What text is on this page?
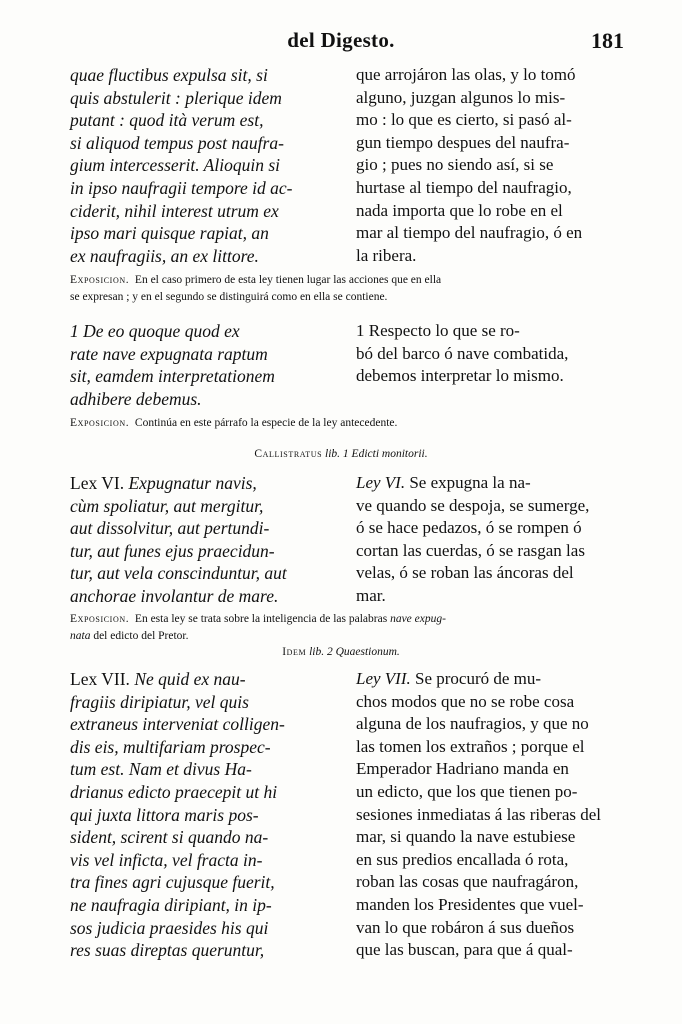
del Digesto.	181
quae fluctibus expulsa sit, si
quis abstulerit : plerique idem
putant : quod ità verum est,
si aliquod tempus post naufra-
gium intercesserit. Alioquin si
in ipso naufragii tempore id ac-
ciderit, nihil interest utrum ex
ipso mari quisque rapiat, an
ex naufragiis, an ex littore.
que arrojáron las olas, y lo tomó
alguno, juzgan algunos lo mis-
mo : lo que es cierto, si pasó al-
gun tiempo despues del naufra-
gio ; pues no siendo así, si se
hurtase al tiempo del naufragio,
nada importa que lo robe en el
mar al tiempo del naufragio, ó en
la ribera.
Exposicion. En el caso primero de esta ley tienen lugar las acciones que en ella
se expresan ; y en el segundo se distinguirá como en ella se contiene.
1 De eo quoque quod ex
rate nave expugnata raptum
sit, eamdem interpretationem
adhibere debemus.
1 Respecto lo que se ro-
bó del barco ó nave combatida,
debemos interpretar lo mismo.
Exposicion. Continúa en este párrafo la especie de la ley antecedente.
Callistratus lib. 1 Edicti monitorii.
Lex VI. Expugnatur navis,
cùm spoliatur, aut mergitur,
aut dissolvitur, aut pertundi-
tur, aut funes ejus praecidun-
tur, aut vela conscinduntur, aut
anchorae involantur de mare.
Ley VI. Se expugna la na-
ve quando se despoja, se sumerge,
ó se hace pedazos, ó se rompen ó
cortan las cuerdas, ó se rasgan las
velas, ó se roban las áncoras del
mar.
Exposicion. En esta ley se trata sobre la inteligencia de las palabras nave expug-
nata del edicto del Pretor.
Idem lib. 2 Quaestionum.
Lex VII. Ne quid ex nau-
fragiis diripiatur, vel quis
extraneus interveniat colligen-
dis eis, multifariam prospec-
tum est. Nam et divus Ha-
drianus edicto praecepit ut hi
qui juxta littora maris pos-
sident, scirent si quando na-
vis vel inficta, vel fracta in-
tra fines agri cujusque fuerit,
ne naufragia diripiant, in ip-
sos judicia praesides his qui
res suas direptas queruntur,
Ley VII. Se procuró de mu-
chos modos que no se robe cosa
alguna de los naufragios, y que no
las tomen los extraños ; porque el
Emperador Hadriano manda en
un edicto, que los que tienen po-
sesiones inmediatas á las riberas del
mar, si quando la nave estubiese
en sus predios encallada ó rota,
roban las cosas que naufragáron,
manden los Presidentes que vuel-
van lo que robáron á sus dueños
que las buscan, para que á qual-
